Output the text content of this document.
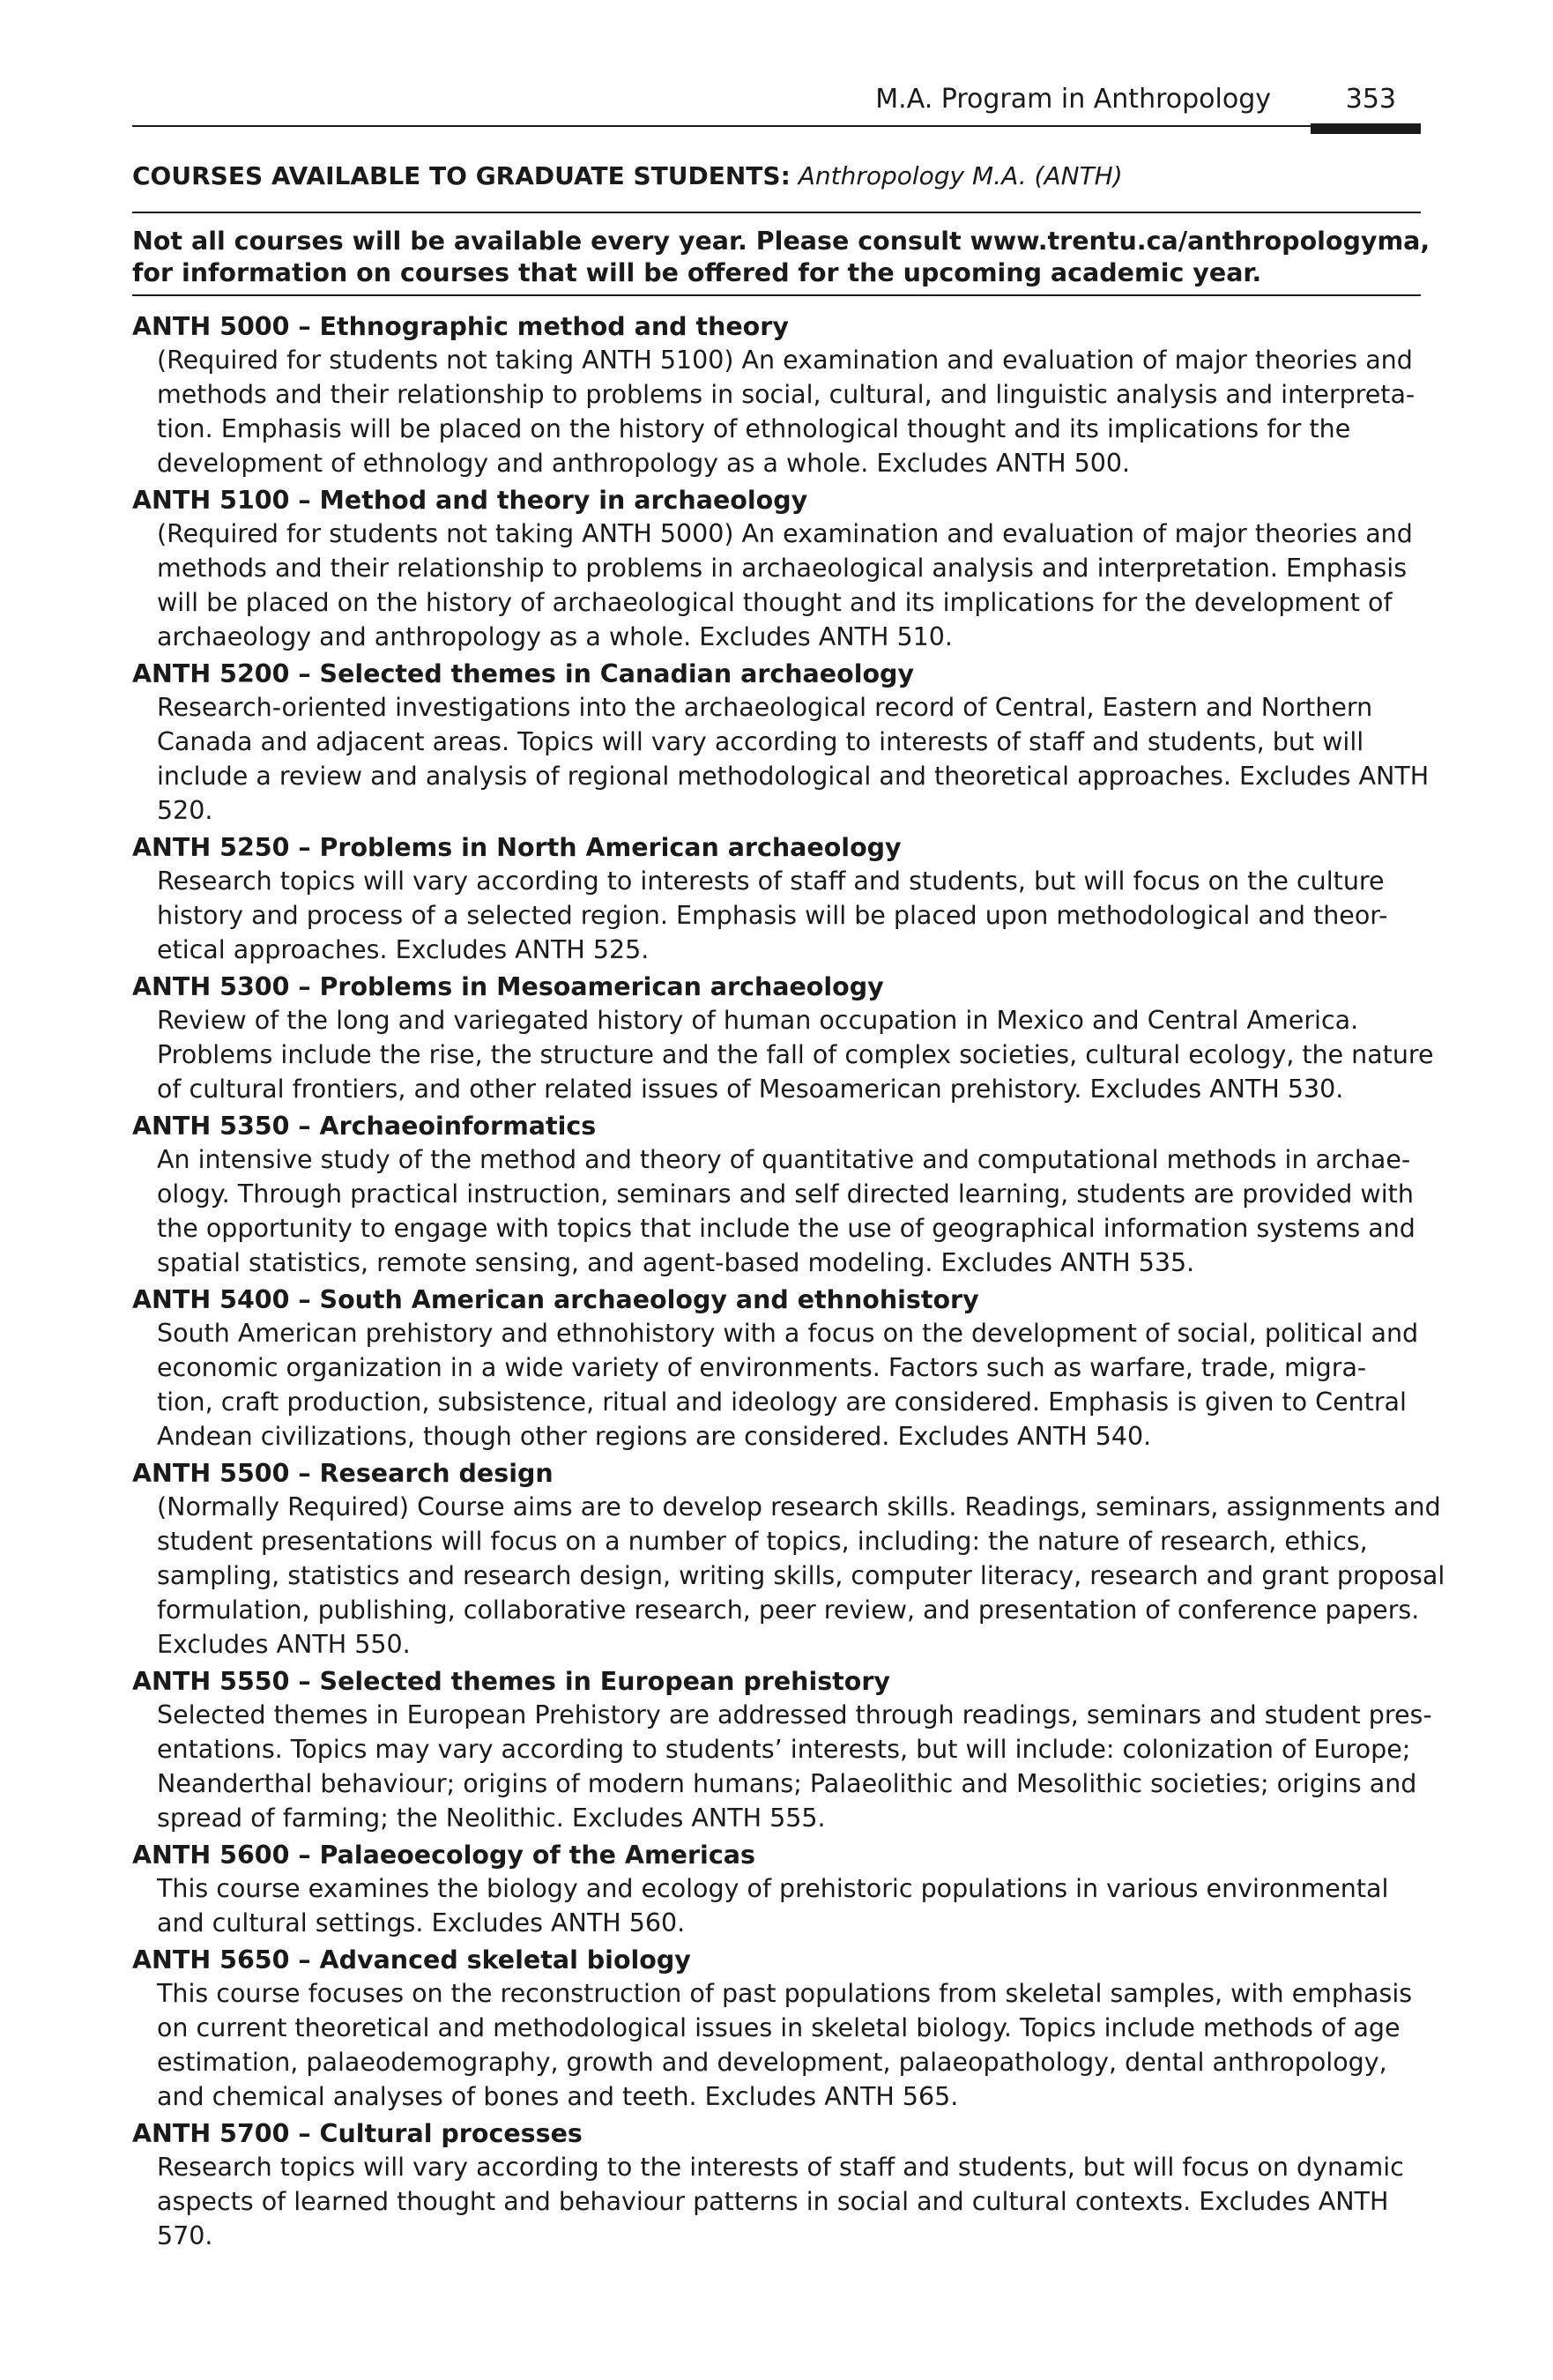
M.A. Program in Anthropology	353
COURSES AVAILABLE TO GRADUATE STUDENTS: Anthropology M.A. (ANTH)
Not all courses will be available every year. Please consult www.trentu.ca/anthropologyma,
for information on courses that will be offered for the upcoming academic year.
ANTH 5000 – Ethnographic method and theory
(Required for students not taking ANTH 5100) An examination and evaluation of major theories and
methods and their relationship to problems in social, cultural, and linguistic analysis and interpreta-
tion. Emphasis will be placed on the history of ethnological thought and its implications for the
development of ethnology and anthropology as a whole. Excludes ANTH 500.
ANTH 5100 – Method and theory in archaeology
(Required for students not taking ANTH 5000) An examination and evaluation of major theories and
methods and their relationship to problems in archaeological analysis and interpretation. Emphasis
will be placed on the history of archaeological thought and its implications for the development of
archaeology and anthropology as a whole. Excludes ANTH 510.
ANTH 5200 – Selected themes in Canadian archaeology
Research-oriented investigations into the archaeological record of Central, Eastern and Northern
Canada and adjacent areas. Topics will vary according to interests of staff and students, but will
include a review and analysis of regional methodological and theoretical approaches. Excludes ANTH
520.
ANTH 5250 – Problems in North American archaeology
Research topics will vary according to interests of staff and students, but will focus on the culture
history and process of a selected region. Emphasis will be placed upon methodological and theor-
etical approaches. Excludes ANTH 525.
ANTH 5300 – Problems in Mesoamerican archaeology
Review of the long and variegated history of human occupation in Mexico and Central America.
Problems include the rise, the structure and the fall of complex societies, cultural ecology, the nature
of cultural frontiers, and other related issues of Mesoamerican prehistory. Excludes ANTH 530.
ANTH 5350 – Archaeoinformatics
An intensive study of the method and theory of quantitative and computational methods in archae-
ology. Through practical instruction, seminars and self directed learning, students are provided with
the opportunity to engage with topics that include the use of geographical information systems and
spatial statistics, remote sensing, and agent-based modeling. Excludes ANTH 535.
ANTH 5400 – South American archaeology and ethnohistory
South American prehistory and ethnohistory with a focus on the development of social, political and
economic organization in a wide variety of environments. Factors such as warfare, trade, migra-
tion, craft production, subsistence, ritual and ideology are considered. Emphasis is given to Central
Andean civilizations, though other regions are considered. Excludes ANTH 540.
ANTH 5500 – Research design
(Normally Required) Course aims are to develop research skills. Readings, seminars, assignments and
student presentations will focus on a number of topics, including: the nature of research, ethics,
sampling, statistics and research design, writing skills, computer literacy, research and grant proposal
formulation, publishing, collaborative research, peer review, and presentation of conference papers.
Excludes ANTH 550.
ANTH 5550 – Selected themes in European prehistory
Selected themes in European Prehistory are addressed through readings, seminars and student pres-
entations. Topics may vary according to students’ interests, but will include: colonization of Europe;
Neanderthal behaviour; origins of modern humans; Palaeolithic and Mesolithic societies; origins and
spread of farming; the Neolithic. Excludes ANTH 555.
ANTH 5600 – Palaeoecology of the Americas
This course examines the biology and ecology of prehistoric populations in various environmental
and cultural settings. Excludes ANTH 560.
ANTH 5650 – Advanced skeletal biology
This course focuses on the reconstruction of past populations from skeletal samples, with emphasis
on current theoretical and methodological issues in skeletal biology. Topics include methods of age
estimation, palaeodemography, growth and development, palaeopathology, dental anthropology,
and chemical analyses of bones and teeth. Excludes ANTH 565.
ANTH 5700 – Cultural processes
Research topics will vary according to the interests of staff and students, but will focus on dynamic
aspects of learned thought and behaviour patterns in social and cultural contexts. Excludes ANTH
570.
